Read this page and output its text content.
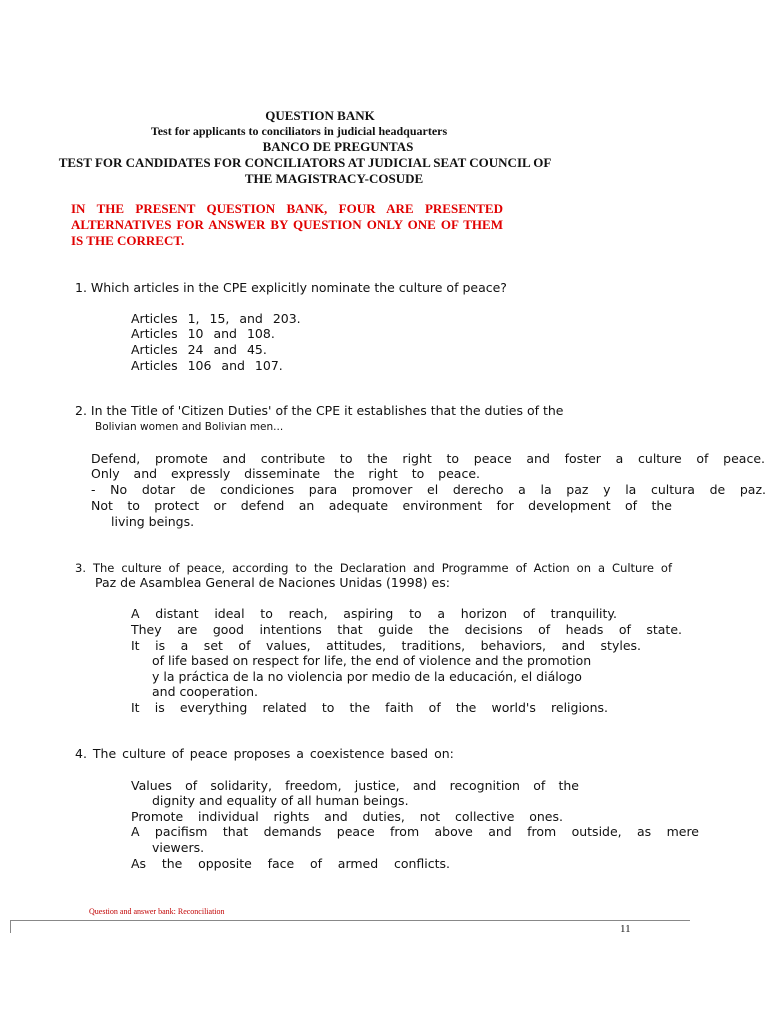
QUESTION BANK
Test for applicants to conciliators in judicial headquarters
BANCO DE PREGUNTAS
TEST FOR CANDIDATES FOR CONCILIATORS AT JUDICIAL SEAT COUNCIL OF
THE MAGISTRACY-COSUDE
IN THE PRESENT QUESTION BANK, FOUR ARE PRESENTED ALTERNATIVES FOR ANSWER BY QUESTION ONLY ONE OF THEM IS THE CORRECT.
1. Which articles in the CPE explicitly nominate the culture of peace?
Articles 1, 15, and 203.
Articles 10 and 108.
Articles 24 and 45.
Articles 106 and 107.
2. In the Title of 'Citizen Duties' of the CPE it establishes that the duties of the
Bolivian women and Bolivian men...
Defend, promote and contribute to the right to peace and foster a culture of peace.
Only and expressly disseminate the right to peace.
- No dotar de condiciones para promover el derecho a la paz y la cultura de paz.
Not to protect or defend an adequate environment for development of the
living beings.
3. The culture of peace, according to the Declaration and Programme of Action on a Culture of
Paz de Asamblea General de Naciones Unidas (1998) es:
A distant ideal to reach, aspiring to a horizon of tranquility.
They are good intentions that guide the decisions of heads of state.
It is a set of values, attitudes, traditions, behaviors, and styles.
of life based on respect for life, the end of violence and the promotion
y la práctica de la no violencia por medio de la educación, el diálogo
and cooperation.
It is everything related to the faith of the world's religions.
4. The culture of peace proposes a coexistence based on:
Values of solidarity, freedom, justice, and recognition of the
dignity and equality of all human beings.
Promote individual rights and duties, not collective ones.
A pacifism that demands peace from above and from outside, as mere
viewers.
As the opposite face of armed conflicts.
Question and answer bank: Reconciliation
11
